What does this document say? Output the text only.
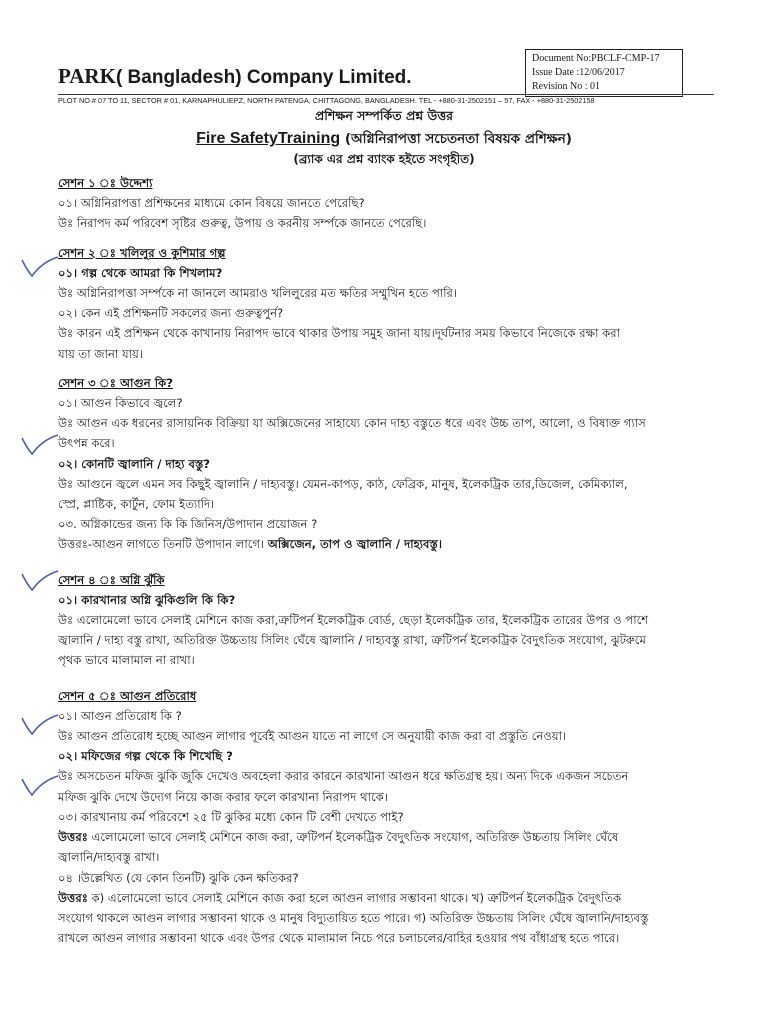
Document No:PBCLF-CMP-17
Issue Date :12/06/2017
Revision No : 01
PARK( Bangladesh) Company Limited.
PLOT NO # 07 TO 11, SECTOR # 01, KARNAPHULIEPZ, NORTH PATENGA, CHITTAGONG, BANGLADESH. TEL - +880-31-2502151 – 57, FAX - +880-31-2502158
প্রশিক্ষন সম্পর্কিত প্রশ্ন উত্তর
Fire SafetyTraining (অগ্নিনিরাপত্তা সচেতনতা বিষয়ক প্রশিক্ষন)
(ব্র্যাক এর প্রশ্ন ব্যাংক হইতে সংগৃহীত)
সেশন ১ ঃ উদ্দেশ্য
০১। অগ্নিনিরাপত্তা প্রশিক্ষনের মাধ্যমে কোন বিষয়ে জানতে পেরেছি?
উঃ নিরাপদ কর্ম পরিবেশ সৃষ্টির গুরুত্ব, উপায় ও করনীয় সর্ম্পকে জানতে পেরেছি।
সেশন ২ ঃ খলিলুর ও কুশিমার গল্প
০১। গল্প থেকে আমরা কি শিখলাম?
উঃ অগ্নিনিরাপত্তা সর্ম্পকে না জানলে আমরাও খলিলুরের মত ক্ষতির সম্মুখিন হতে পারি।
০২। কেন এই প্রশিক্ষনটি সকলের জন্য গুরুত্বপুর্ন?
উঃ কারন এই প্রশিক্ষন থেকে কাখানায় নিরাপদ ভাবে থাকার উপায় সমুহ জানা যায়।দূর্ঘটনার সময় কিভাবে নিজেকে রক্ষা করা
যায় তা জানা যায়।
সেশন ৩ ঃ আগুন কি?
০১। আগুন কিভাবে জ্বলে?
উঃ আগুন এক ধরনের রাসায়নিক বিক্রিয়া যা অক্সিজেনের সাহায্যে কোন দাহ্য বস্তুতে ধরে এবং উচ্চ তাপ, আলো, ও বিষাক্ত গ্যাস
উৎপন্ন করে।
০২। কোনটি জ্বালানি / দাহ্য বস্তু?
উঃ আগুনে জ্বলে এমন সব কিছুই জ্বালানি / দাহ্যবস্তু। যেমন-কাপড়, কাঠ, ফেব্রিক, মানুষ, ইলেকট্রিক তার,ডিজেল, কেমিক্যাল,
স্প্রে, প্লাষ্টিক, কার্টুন, ফোম ইত্যাদি।
০৩. অগ্নিকান্ডের জন্য কি কি জিনিস/উপাদান প্রয়োজন ?
উত্তরঃ-আগুন লাগতে তিনটি উপাদান লাগে। অক্সিজেন, তাপ ও জ্বালানি / দাহ্যবস্তু।
সেশন ৪ ঃ অগ্নি ঝুঁকি
০১। কারখানার অগ্নি ঝুকিগুলি কি কি?
উঃ এলোমেলো ভাবে সেলাই মেশিনে কাজ করা,ত্রুটিপর্ন ইলেকট্রিক বোর্ড, ছেড়া ইলেকট্রিক তার, ইলেকট্রিক তারের উপর ও পাশে
জ্বালানি / দাহ্য বস্তু রাখা, অতিরিক্ত উচ্চতায় সিলিং ঘেঁষে জ্বালানি / দাহ্যবস্তু রাখা, ত্রুটিপর্ন ইলেকট্রিক বৈদুৎতিক সংযোগ, ঝুটরুমে
পৃথক ভাবে মালামাল না রাখা।
সেশন ৫ ঃ আগুন প্রতিরোধ
০১। আগুন প্রতিরোধ কি ?
উঃ আগুন প্রতিরোধ হচ্ছে আগুন লাগার পূর্বেই আগুন যাতে না লাগে সে অনুযায়ী কাজ করা বা প্রস্তুতি নেওয়া।
০২। মফিজের গল্প থেকে কি শিখেছি ?
উঃ অসচেতন মফিজ ঝুকি জুকি দেখেও অবহেলা করার কারনে কারখানা আগুন ধরে ক্ষতিগ্রস্থ হয়। অন্য দিকে একজন সচেতন
মফিজ ঝুকি দেখে উদ্যেগ নিয়ে কাজ করার ফলে কারখানা নিরাপদ থাকে।
০৩। কারখানায় কর্ম পরিবেশে ২৫ টি ঝুকির মধ্যে কোন টি বেশী দেখতে পাই?
উত্তরঃ এলোমেলো ভাবে সেলাই মেশিনে কাজ করা, ত্রুটিপর্ন ইলেকট্রিক বৈদুৎতিক সংযোগ, অতিরিক্ত উচ্চতায় সিলিং ঘেঁষে
জ্বালানি/দাহ্যবস্তু রাখা।
০৪ ।উল্লেখিত (যে কোন তিনটি) ঝুকি কেন ক্ষতিকর?
উত্তরঃ ক) এলোমেলো ভাবে সেলাই মেশিনে কাজ করা হলে আগুন লাগার সম্ভাবনা থাকে। খ) ত্রুটিপর্ন ইলেকট্রিক বৈদুৎতিক
সংযোগ থাকলে আগুন লাগার সম্ভাবনা থাকে ও মানুষ বিদ্যুতায়িত হতে পারে। গ) অতিরিক্ত উচ্চতায় সিলিং ঘেঁষে জ্বালানি/দাহ্যবস্তু
রাখলে আগুন লাগার সম্ভাবনা থাকে এবং উপর থেকে মালামাল নিচে পরে চলাচলের/বাহির হওয়ার পথ বাঁধাগ্রস্থ হতে পারে।
